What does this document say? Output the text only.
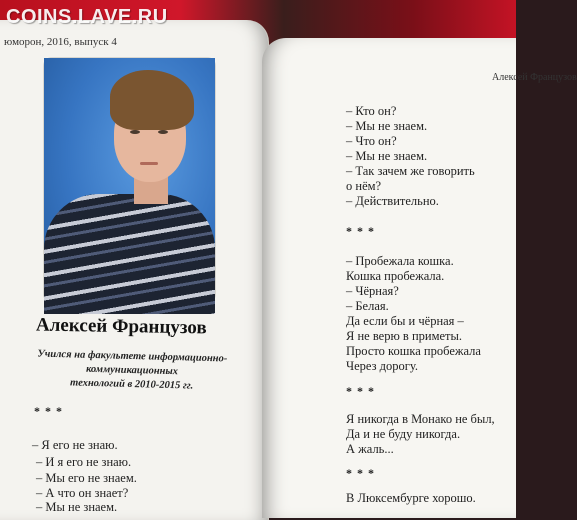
юморон, 2016, выпуск 4
Алексей Французов
Учился на факультете информационно-коммуникационных
технологий в 2010-2015 гг.
* * *
– Я его не знаю.
– И я его не знаю.
– Мы его не знаем.
– А что он знает?
– Мы не знаем.
Алексей Французов
– Кто он?
– Мы не знаем.
– Что он?
– Мы не знаем.
– Так зачем же говорить
о нём?
– Действительно.
* * *
– Пробежала кошка.
Кошка пробежала.
– Чёрная?
– Белая.
Да если бы и чёрная –
Я не верю в приметы.
Просто кошка пробежала
Через дорогу.
* * *
Я никогда в Монако не был,
Да и не буду никогда.
А жаль...
* * *
В Люксембурге хорошо.
COINS.LAVE.RU
